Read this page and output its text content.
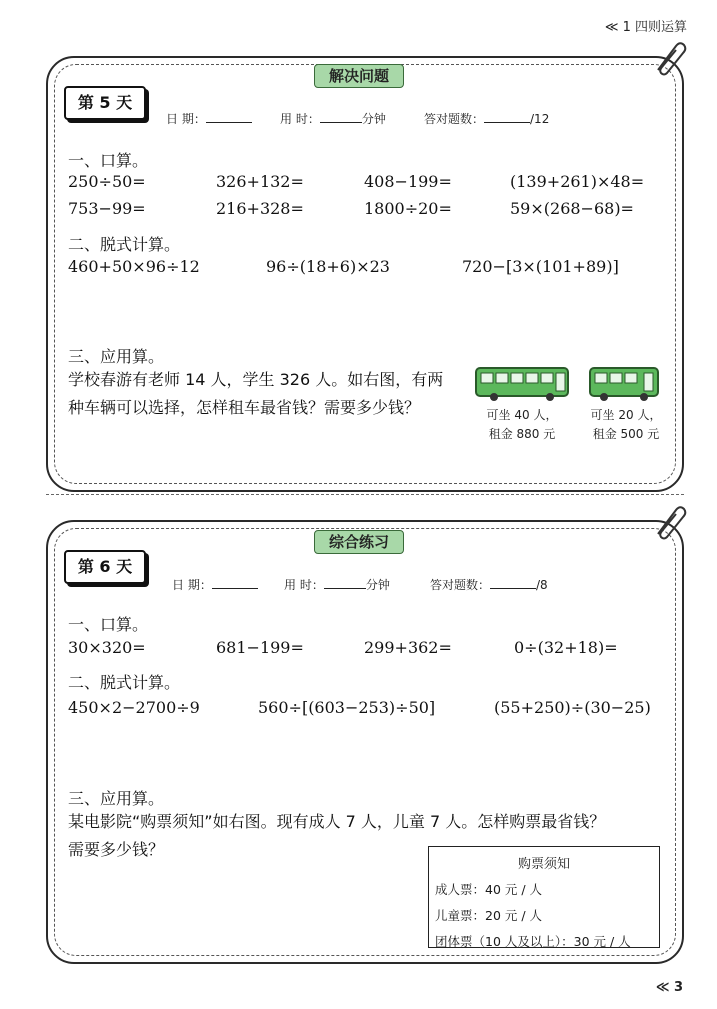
≪ 1 四则运算
解决问题
第 5 天
日 期：	用 时：	分钟	答对题数：	/12
一、口算。
250÷50=	326+132=	408−199=	(139+261)×48=
753−99=	216+328=	1800÷20=	59×(268−68)=
二、脱式计算。
460+50×96÷12	96÷(18+6)×23	720−[3×(101+89)]
三、应用算。
学校春游有老师 14 人，学生 326 人。如右图，有两
种车辆可以选择，怎样租车最省钱？需要多少钱？	可坐 40 人，
租金 880 元
可坐 20 人，
租金 500 元
综合练习
第 6 天
日 期：	用 时：	分钟	答对题数：	/8
一、口算。
30×320=	681−199=	299+362=	0÷(32+18)=
二、脱式计算。
450×2−2700÷9	560÷[(603−253)÷50]	(55+250)÷(30−25)
三、应用算。
某电影院“购票须知”如右图。现有成人 7 人，儿童 7 人。怎样购票最省钱？
需要多少钱？
购票须知
成人票：40 元 / 人
儿童票：20 元 / 人
团体票（10 人及以上）：30 元 / 人
≪ 3
